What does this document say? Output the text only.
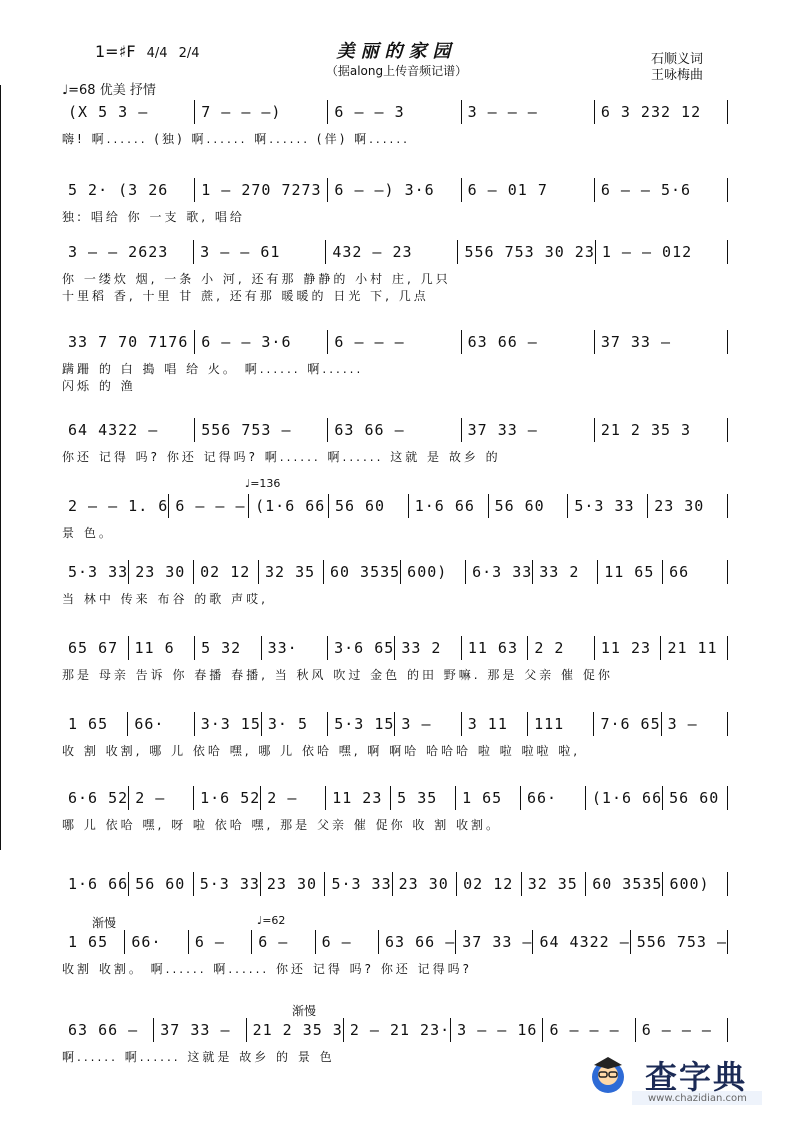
1=♯F 4/4 2/4	美丽的家园
（据along上传音频记谱）
石顺义词
王咏梅曲
♩=68 优美 抒情
(X 5 3 –	7 – – –)	6 – – 3	3 – – –	6 3 232 12
嗨! 啊...... (独) 啊...... 啊...... (伴) 啊......
5 2· (3 26	1 – 270 7273 6 – –) 3·6	6 – 01 7	6 – – 5·6
独: 唱给 你 一支 歌, 唱给
3 – – 2623	3 – – 61	432 – 23	556 753 30 23 1 – – 012
你 一缕炊 烟, 一条 小 河, 还有那 静静的 小村 庄, 几只
十里稻 香, 十里 甘 蔗, 还有那 暖暖的 日光 下, 几点
33 7 70 7176 6 – – 3·6	6 – – –	63 66 –	37 33 –
蹒跚 的 白 搗 唱 给 火。 啊...... 啊......
闪烁 的 渔
64 4322 –	556 753 –	63 66 –	37 33 –	21 2 35 3
你还 记得 吗? 你还 记得吗? 啊...... 啊...... 这就 是 故乡 的
2 – – 1. 6 6 – – – (1·6 66 56 60	1·6 66	56 60	5·3 33	23 30
景 色。
5·3 33 23 30 02 12 32 35 60 3535 600)	6·3 33 33 2	11 65 66
当 林中 传来 布谷 的歌 声哎,
65 67	11 6	5 32	33·	3·6 65 33 2	11 63	2 2	11 23	21 11
那是 母亲 告诉 你 春播 春播, 当 秋风 吹过 金色 的田 野嘛. 那是 父亲 催 促你
1 65	66·	3·3 15 3· 5	5·3 15 3 –	3 11	111	7·6 65 3 –
收 割 收割, 哪 儿 依哈 嘿, 哪 儿 依哈 嘿, 啊 啊哈 哈哈哈 啦 啦 啦啦 啦,
6·6 52 2 –	1·6 52 2 –	11 23 5 35	1 65	66·	(1·6 66 56 60
哪 儿 依哈 嘿, 呀 啦 依哈 嘿, 那是 父亲 催 促你 收 割 收割。
1·6 66 56 60 5·3 33 23 30 5·3 33 23 30 02 12 32 35 60 3535 600)
1 65	66·	6 –	6 –	6 –	63 66 – 37 33 – 64 4322 – 556 753 –
收割 收割。 啊...... 啊...... 你还 记得 吗? 你还 记得吗?
渐慢	♩=62
63 66 –	37 33 –	21 2 35 3 2 – 21 23· 3 – – 16 6 – – –	6 – – –
啊...... 啊...... 这就是 故乡 的 景 色
渐慢
♩=136
查字典
www.chazidian.com
